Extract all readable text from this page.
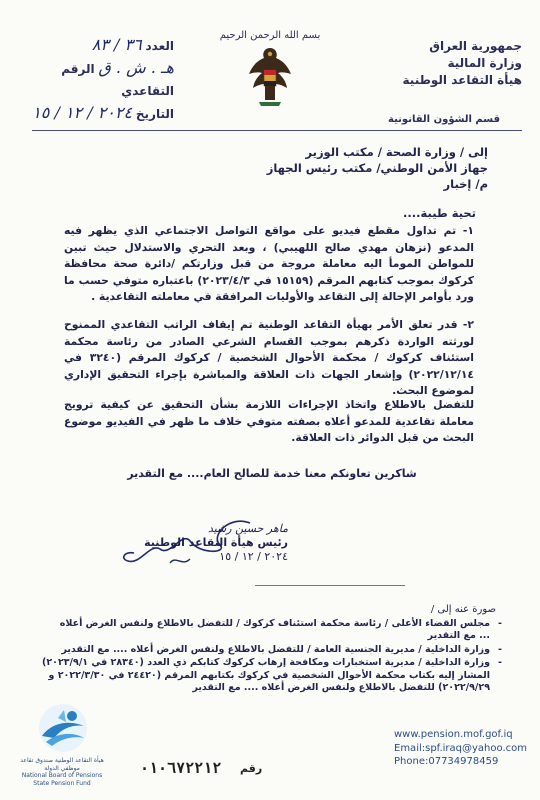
جمهورية العراق
وزارة المالية
هيأة التقاعد الوطنية
بسم الله الرحمن الرحيم
العدد ٣٦ / ٨٣
هـ . ش . ق الرقم التقاعدي
التاريخ ٢٠٢٤ / ١٢ / ١٥	قسم الشؤون القانونية
إلى / وزارة الصحة / مكتب الوزير
جهاز الأمن الوطني/ مكتب رئيس الجهاز
م/ إخبار
تحية طيبة....
١- تم تداول مقطع فيديو على مواقع التواصل الاجتماعي الذي يظهر فيه المدعو (نزهان مهدي صالح اللهيبي) ، وبعد التحري والاستدلال حيث تبين للمواطن المومأ اليه معاملة مروجة من قبل وزارتكم /دائرة صحة محافظة كركوك بموجب كتابهم المرقم (١٥١٥٩ في ٢٠٢٣/٤/٣) باعتباره متوفي حسب ما ورد بأوامر الإحالة إلى التقاعد والأوليات المرافقة في معاملته التقاعدية .
٢- قدر تعلق الأمر بهيأة التقاعد الوطنية تم إيقاف الراتب التقاعدي الممنوح لورثته الواردة ذكرهم بموجب القسام الشرعي الصادر من رئاسة محكمة استئناف كركوك / محكمة الأحوال الشخصية / كركوك المرقم (٣٢٤٠ في ٢٠٢٢/١٢/١٤) وإشعار الجهات ذات العلاقة والمباشرة بإجراء التحقيق الإداري لموضوع البحث.
للتفضل بالاطلاع واتخاذ الإجراءات اللازمة بشأن التحقيق عن كيفية ترويج معاملة تقاعدية للمدعو أعلاه بصفته متوفي خلاف ما ظهر في الفيديو موضوع البحث من قبل الدوائر ذات العلاقة.
شاكرين تعاونكم معنا خدمة للصالح العام.... مع التقدير
ماهر حسين رشيد
رئيس هيأة التقاعد الوطنية
٢٠٢٤ / ١٢ / ١٥
صورة عنه إلى /
- مجلس القضاء الأعلى / رئاسة محكمة استئناف كركوك / للتفضل بالاطلاع ولنفس الغرض أعلاه
... مع التقدير
- وزارة الداخلية / مديرية الجنسية العامة / للتفضل بالاطلاع ولنفس الغرض أعلاه .... مع التقدير
- وزارة الداخلية / مديرية استخبارات ومكافحة إرهاب كركوك كتابكم ذي العدد (٢٨٣٤٠ في ٢٠٢٣/٩/١) المشار إليه بكتاب محكمة الأحوال الشخصية في كركوك بكتابهم المرقم (٢٤٤٢٠ في ٢٠٢٢/٣/٣٠ و ٢٠٢٢/٩/٢٩) للتفضل بالاطلاع ولنفس الغرض أعلاه .... مع التقدير
هيأة التقاعد الوطنية صندوق تقاعد موظفي الدولة
National Board of Pensions State Pension Fund
رقم
٠١٠٦٧٢٢١٢
www.pension.mof.gof.iq
Email:spf.iraq@yahoo.com
Phone:07734978459
